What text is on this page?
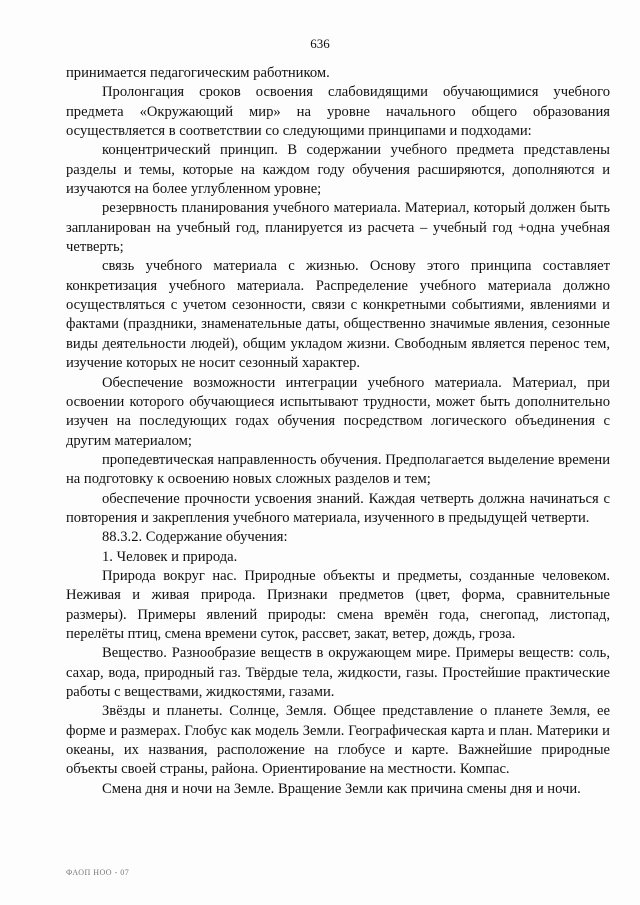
636

принимается педагогическим работником.

Пролонгация сроков освоения слабовидящими обучающимися учебного предмета «Окружающий мир» на уровне начального общего образования осуществляется в соответствии со следующими принципами и подходами:

концентрический принцип. В содержании учебного предмета представлены разделы и темы, которые на каждом году обучения расширяются, дополняются и изучаются на более углубленном уровне;

резервность планирования учебного материала. Материал, который должен быть запланирован на учебный год, планируется из расчета – учебный год +одна учебная четверть;

связь учебного материала с жизнью. Основу этого принципа составляет конкретизация учебного материала. Распределение учебного материала должно осуществляться с учетом сезонности, связи с конкретными событиями, явлениями и фактами (праздники, знаменательные даты, общественно значимые явления, сезонные виды деятельности людей), общим укладом жизни. Свободным является перенос тем, изучение которых не носит сезонный характер.

Обеспечение возможности интеграции учебного материала. Материал, при освоении которого обучающиеся испытывают трудности, может быть дополнительно изучен на последующих годах обучения посредством логического объединения с другим материалом;

пропедевтическая направленность обучения. Предполагается выделение времени на подготовку к освоению новых сложных разделов и тем;

обеспечение прочности усвоения знаний. Каждая четверть должна начинаться с повторения и закрепления учебного материала, изученного в предыдущей четверти.

88.3.2. Содержание обучения:

1. Человек и природа.

Природа вокруг нас. Природные объекты и предметы, созданные человеком. Неживая и живая природа. Признаки предметов (цвет, форма, сравнительные размеры). Примеры явлений природы: смена времён года, снегопад, листопад, перелёты птиц, смена времени суток, рассвет, закат, ветер, дождь, гроза.

Вещество. Разнообразие веществ в окружающем мире. Примеры веществ: соль, сахар, вода, природный газ. Твёрдые тела, жидкости, газы. Простейшие практические работы с веществами, жидкостями, газами.

Звёзды и планеты. Солнце, Земля. Общее представление о планете Земля, ее форме и размерах. Глобус как модель Земли. Географическая карта и план. Материки и океаны, их названия, расположение на глобусе и карте. Важнейшие природные объекты своей страны, района. Ориентирование на местности. Компас.

Смена дня и ночи на Земле. Вращение Земли как причина смены дня и ночи.

ФАОП НОО - 07
